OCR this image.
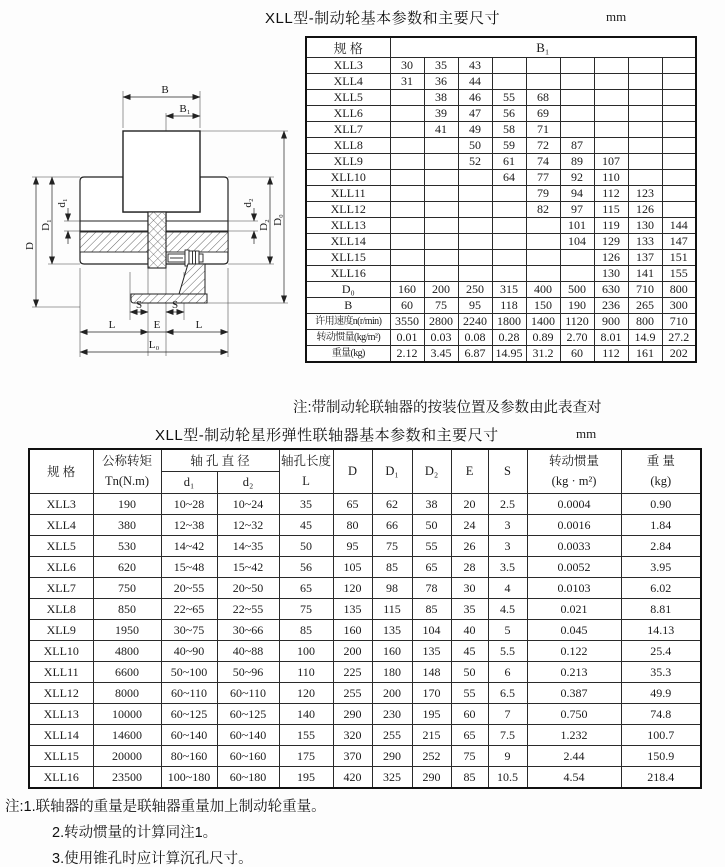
XLL型-制动轮基本参数和主要尺寸	mm
B
B₁
D
D₁
d₁	d₂
D₂ D₀
S	S
L	E	L
L₀
规 格	B₁								
XLL3	30	35	43						
XLL4	31	36	44						
XLL5		38	46	55	68				
XLL6		39	47	56	69				
XLL7		41	49	58	71				
XLL8			50	59	72	87			
XLL9			52	61	74	89	107		
XLL10				64	77	92	110		
XLL11					79	94	112	123	
XLL12					82	97	115	126	
XLL13						101	119	130	144
XLL14						104	129	133	147
XLL15							126	137	151
XLL16							130	141	155
D₀	160	200	250	315	400	500	630	710	800
B	60	75	95	118	150	190	236	265	300
许用速度n(r/min)	3550	2800	2240	1800	1400	1120	900	800	710
转动惯量(kg/m²)	0.01	0.03	0.08	0.28	0.89	2.70	8.01	14.9	27.2
重量(kg)	2.12	3.45	6.87	14.95	31.2	60	112	161	202
注:带制动轮联轴器的按装位置及参数由此表查对
XLL型-制动轮星形弹性联轴器基本参数和主要尺寸	mm
规 格	
公称转矩
Tn(N.m)
	轴 孔 直 径	轴孔长度
L
	D	D₁	D₂	E	S	
转动惯量
(kg · m²)

重 量
(kg)

		d₁	d₂								
XLL3	190	10~28	10~24	35	65	62	38	20	2.5	0.0004	0.90
XLL4	380	12~38	12~32	45	80	66	50	24	3	0.0016	1.84
XLL5	530	14~42	14~35	50	95	75	55	26	3	0.0033	2.84
XLL6	620	15~48	15~42	56	105	85	65	28	3.5	0.0052	3.95
XLL7	750	20~55	20~50	65	120	98	78	30	4	0.0103	6.02
XLL8	850	22~65	22~55	75	135	115	85	35	4.5	0.021	8.81
XLL9	1950	30~75	30~66	85	160	135	104	40	5	0.045	14.13
XLL10	4800	40~90	40~88	100	200	160	135	45	5.5	0.122	25.4
XLL11	6600	50~100	50~96	110	225	180	148	50	6	0.213	35.3
XLL12	8000	60~110	60~110	120	255	200	170	55	6.5	0.387	49.9
XLL13	10000	60~125	60~125	140	290	230	195	60	7	0.750	74.8
XLL14	14600	60~140	60~140	155	320	255	215	65	7.5	1.232	100.7
XLL15	20000	80~160	60~160	175	370	290	252	75	9	2.44	150.9
XLL16	23500	100~180	60~180	195	420	325	290	85	10.5	4.54	218.4
注:1.联轴器的重量是联轴器重量加上制动轮重量。
2.转动惯量的计算同注1。
3.使用锥孔时应计算沉孔尺寸。
